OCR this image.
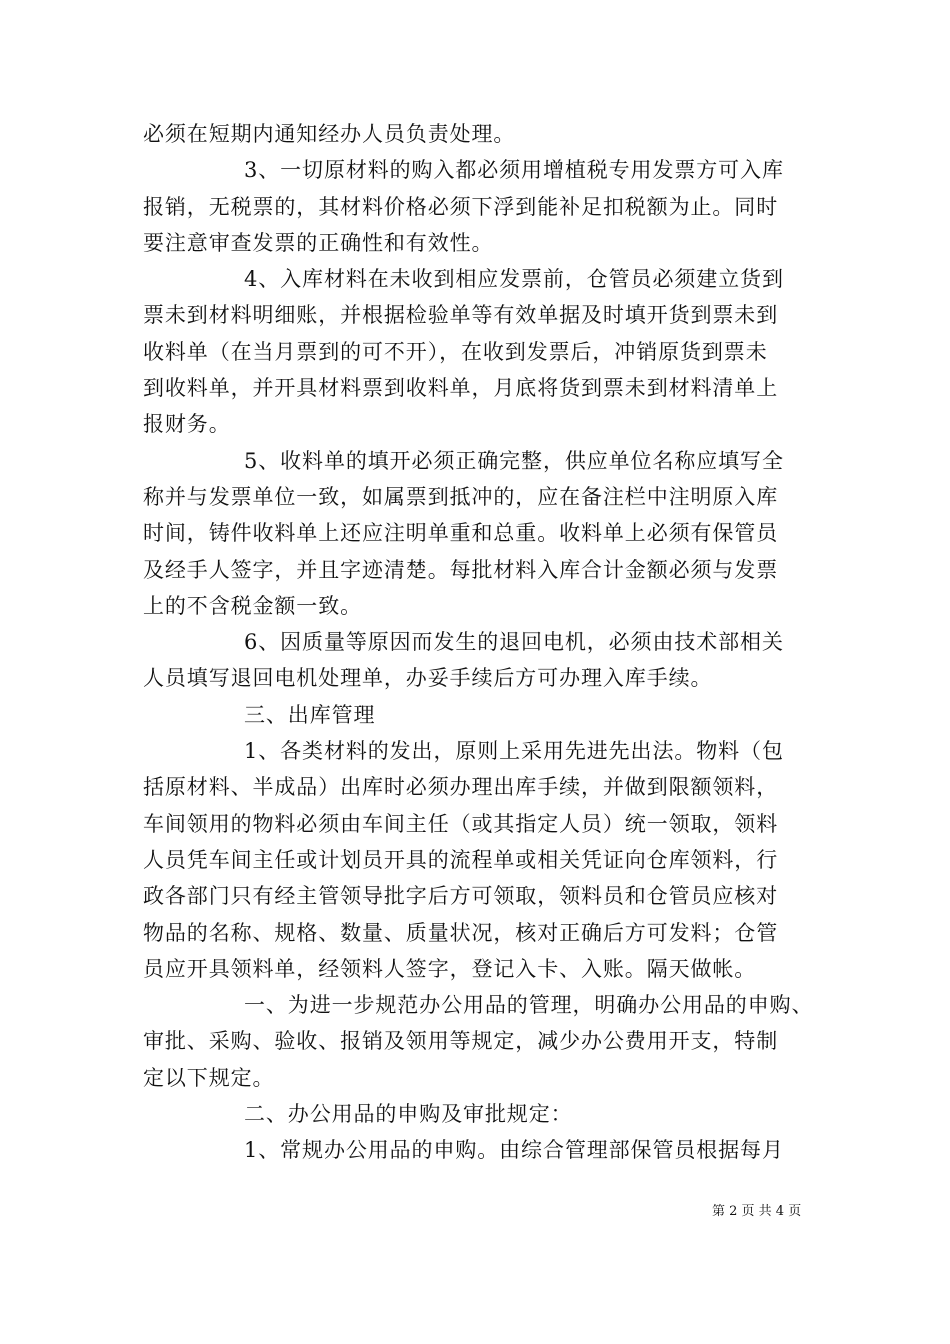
必须在短期内通知经办人员负责处理。
3、一切原材料的购入都必须用增植税专用发票方可入库
报销，无税票的，其材料价格必须下浮到能补足扣税额为止。同时
要注意审查发票的正确性和有效性。
4、入库材料在未收到相应发票前，仓管员必须建立货到
票未到材料明细账，并根据检验单等有效单据及时填开货到票未到
收料单（在当月票到的可不开），在收到发票后，冲销原货到票未
到收料单，并开具材料票到收料单，月底将货到票未到材料清单上
报财务。
5、收料单的填开必须正确完整，供应单位名称应填写全
称并与发票单位一致，如属票到抵冲的，应在备注栏中注明原入库
时间，铸件收料单上还应注明单重和总重。收料单上必须有保管员
及经手人签字，并且字迹清楚。每批材料入库合计金额必须与发票
上的不含税金额一致。
6、因质量等原因而发生的退回电机，必须由技术部相关
人员填写退回电机处理单，办妥手续后方可办理入库手续。
三、出库管理
1、各类材料的发出，原则上采用先进先出法。物料（包
括原材料、半成品）出库时必须办理出库手续，并做到限额领料，
车间领用的物料必须由车间主任（或其指定人员）统一领取，领料
人员凭车间主任或计划员开具的流程单或相关凭证向仓库领料，行
政各部门只有经主管领导批字后方可领取，领料员和仓管员应核对
物品的名称、规格、数量、质量状况，核对正确后方可发料；仓管
员应开具领料单，经领料人签字，登记入卡、入账。隔天做帐。
一、为进一步规范办公用品的管理，明确办公用品的申购、
审批、采购、验收、报销及领用等规定，减少办公费用开支，特制
定以下规定。
二、办公用品的申购及审批规定：
1、常规办公用品的申购。由综合管理部保管员根据每月
第 2 页 共 4 页
